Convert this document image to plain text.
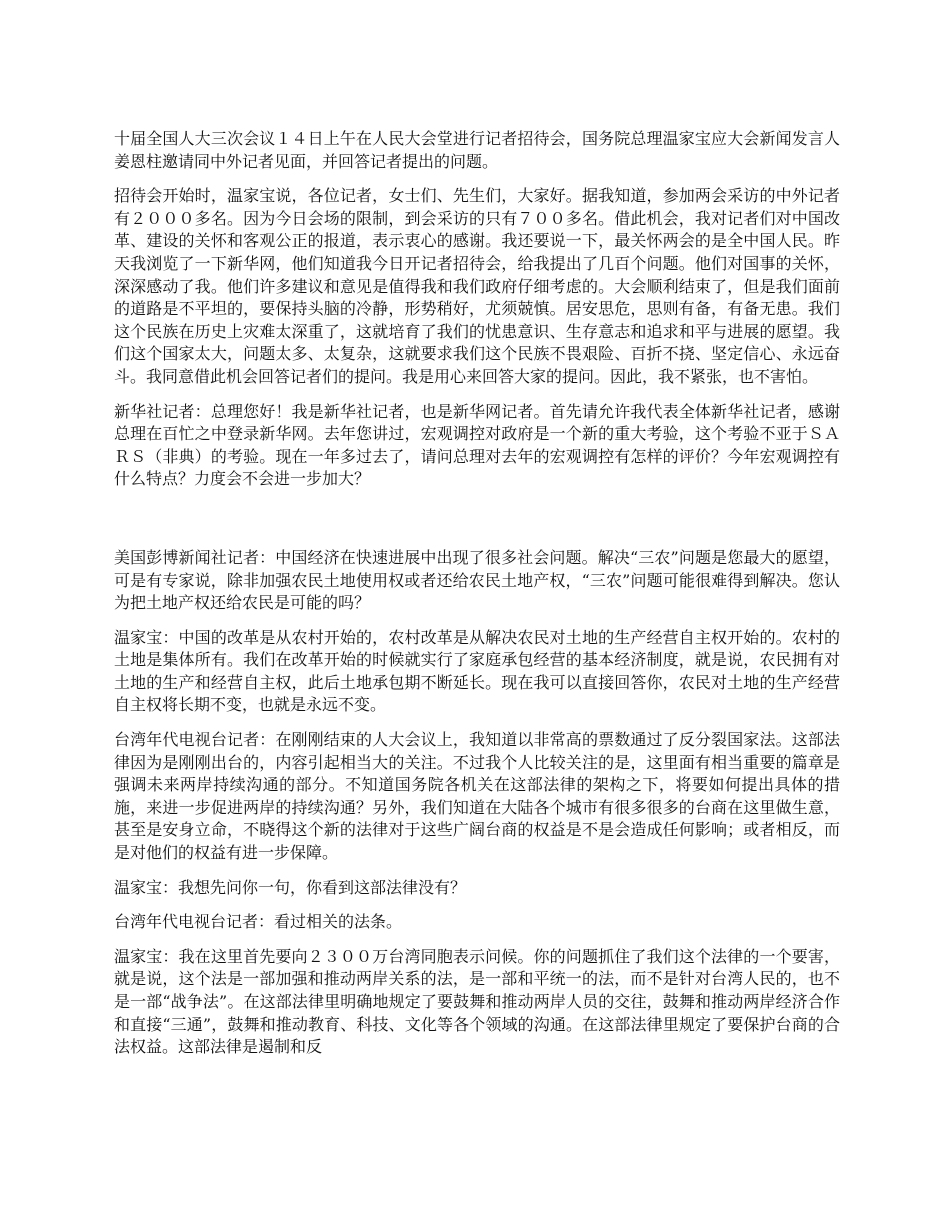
十届全国人大三次会议１４日上午在人民大会堂进行记者招待会，国务院总理温家宝应大会新闻发言人姜恩柱邀请同中外记者见面，并回答记者提出的问题。

招待会开始时，温家宝说，各位记者，女士们、先生们，大家好。据我知道，参加两会采访的中外记者有２０００多名。因为今日会场的限制，到会采访的只有７００多名。借此机会，我对记者们对中国改革、建设的关怀和客观公正的报道，表示衷心的感谢。我还要说一下，最关怀两会的是全中国人民。昨天我浏览了一下新华网，他们知道我今日开记者招待会，给我提出了几百个问题。他们对国事的关怀，深深感动了我。他们许多建议和意见是值得我和我们政府仔细考虑的。大会顺利结束了，但是我们面前的道路是不平坦的，要保持头脑的冷静，形势稍好，尤须兢慎。居安思危，思则有备，有备无患。我们这个民族在历史上灾难太深重了，这就培育了我们的忧患意识、生存意志和追求和平与进展的愿望。我们这个国家太大，问题太多、太复杂，这就要求我们这个民族不畏艰险、百折不挠、坚定信心、永远奋斗。我同意借此机会回答记者们的提问。我是用心来回答大家的提问。因此，我不紧张，也不害怕。

新华社记者：总理您好！我是新华社记者，也是新华网记者。首先请允许我代表全体新华社记者，感谢总理在百忙之中登录新华网。去年您讲过，宏观调控对政府是一个新的重大考验，这个考验不亚于ＳＡＲＳ（非典）的考验。现在一年多过去了，请问总理对去年的宏观调控有怎样的评价？今年宏观调控有什么特点？力度会不会进一步加大？

美国彭博新闻社记者：中国经济在快速进展中出现了很多社会问题。解决“三农”问题是您最大的愿望，可是有专家说，除非加强农民土地使用权或者还给农民土地产权，“三农”问题可能很难得到解决。您认为把土地产权还给农民是可能的吗？

温家宝：中国的改革是从农村开始的，农村改革是从解决农民对土地的生产经营自主权开始的。农村的土地是集体所有。我们在改革开始的时候就实行了家庭承包经营的基本经济制度，就是说，农民拥有对土地的生产和经营自主权，此后土地承包期不断延长。现在我可以直接回答你，农民对土地的生产经营自主权将长期不变，也就是永远不变。

台湾年代电视台记者：在刚刚结束的人大会议上，我知道以非常高的票数通过了反分裂国家法。这部法律因为是刚刚出台的，内容引起相当大的关注。不过我个人比较关注的是，这里面有相当重要的篇章是强调未来两岸持续沟通的部分。不知道国务院各机关在这部法律的架构之下，将要如何提出具体的措施，来进一步促进两岸的持续沟通？另外，我们知道在大陆各个城市有很多很多的台商在这里做生意，甚至是安身立命，不晓得这个新的法律对于这些广阔台商的权益是不是会造成任何影响；或者相反，而是对他们的权益有进一步保障。

温家宝：我想先问你一句，你看到这部法律没有？

台湾年代电视台记者：看过相关的法条。

温家宝：我在这里首先要向２３００万台湾同胞表示问候。你的问题抓住了我们这个法律的一个要害，就是说，这个法是一部加强和推动两岸关系的法，是一部和平统一的法，而不是针对台湾人民的，也不是一部“战争法”。在这部法律里明确地规定了要鼓舞和推动两岸人员的交往，鼓舞和推动两岸经济合作和直接“三通”，鼓舞和推动教育、科技、文化等各个领域的沟通。在这部法律里规定了要保护台商的合法权益。这部法律是遏制和反
